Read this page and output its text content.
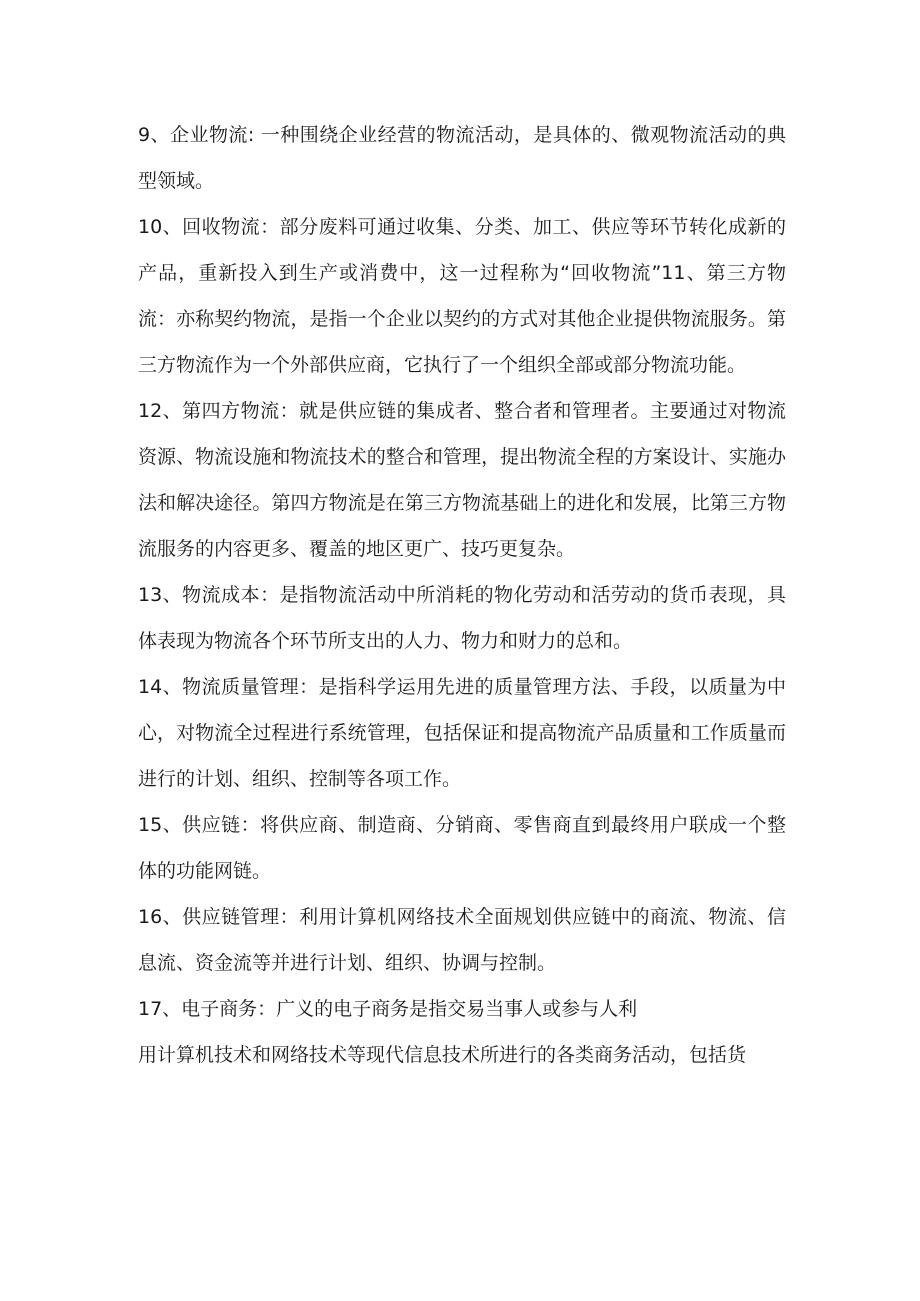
9、企业物流: 一种围绕企业经营的物流活动，是具体的、微观物流活动的典型领域。

10、回收物流：部分废料可通过收集、分类、加工、供应等环节转化成新的产品，重新投入到生产或消费中，这一过程称为“回收物流”11、第三方物流：亦称契约物流，是指一个企业以契约的方式对其他企业提供物流服务。第三方物流作为一个外部供应商，它执行了一个组织全部或部分物流功能。

12、第四方物流：就是供应链的集成者、整合者和管理者。主要通过对物流资源、物流设施和物流技术的整合和管理，提出物流全程的方案设计、实施办法和解决途径。第四方物流是在第三方物流基础上的进化和发展，比第三方物流服务的内容更多、覆盖的地区更广、技巧更复杂。

13、物流成本：是指物流活动中所消耗的物化劳动和活劳动的货币表现，具体表现为物流各个环节所支出的人力、物力和财力的总和。

14、物流质量管理：是指科学运用先进的质量管理方法、手段，以质量为中心，对物流全过程进行系统管理，包括保证和提高物流产品质量和工作质量而进行的计划、组织、控制等各项工作。

15、供应链：将供应商、制造商、分销商、零售商直到最终用户联成一个整体的功能网链。

16、供应链管理：利用计算机网络技术全面规划供应链中的商流、物流、信息流、资金流等并进行计划、组织、协调与控制。

17、电子商务：广义的电子商务是指交易当事人或参与人利

用计算机技术和网络技术等现代信息技术所进行的各类商务活动，包括货
